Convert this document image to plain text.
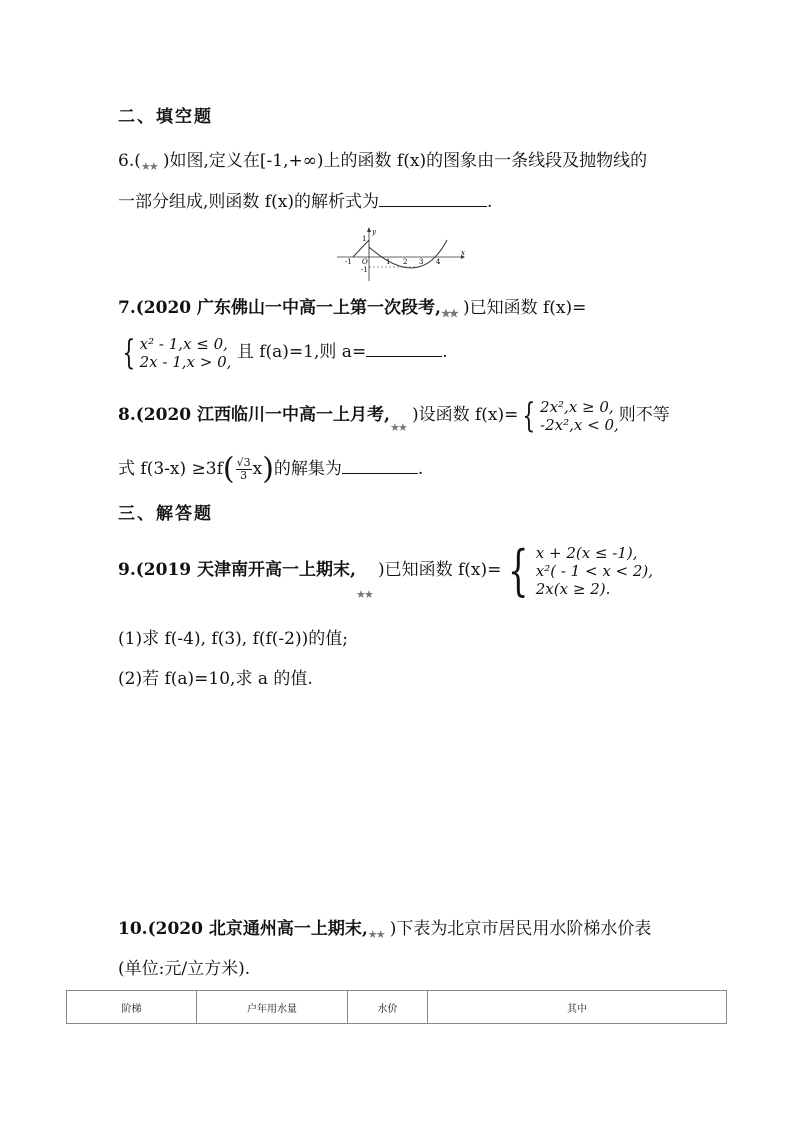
二、填空题
6.( ★
★ )如图,定义在[-1,+∞)上的函数 f(x)的图象由一条线段及抛物线的
一部分组成,则函数 f(x)的解析式为	.
y
x
1
-1
-1 O	1 2 3 4
7.(2020 广东佛山一中高一上第一次段考, ★
★ )已知函数 f(x)=
{ x² - 1,x ≤ 0,
2x - 1,x > 0, 且 f(a)=1,则 a=	.
8.(2020 江西临川一中高一上月考,
★
★
)设函数 f(x)= { 2x²,x ≥ 0,
-2x²,x < 0, 则不等
式 $f(3-x) \ge 3f( \frac{√3}{3} x)$的解集为	.
三、解答题
9.(2019 天津南开高一上期末,
★
★
)已知函数 f(x)= { x + 2(x ≤ -1),
x²( - 1 < x < 2),
2x(x ≥ 2).
(1)求 f(-4), f(3), f(f(-2))的值;
(2)若 f(a)=10,求 a 的值.
10.(2020 北京通州高一上期末, ★
★ )下表为北京市居民用水阶梯水价表
(单位:元/立方米).
阶梯	户年用水量	水价	其中
